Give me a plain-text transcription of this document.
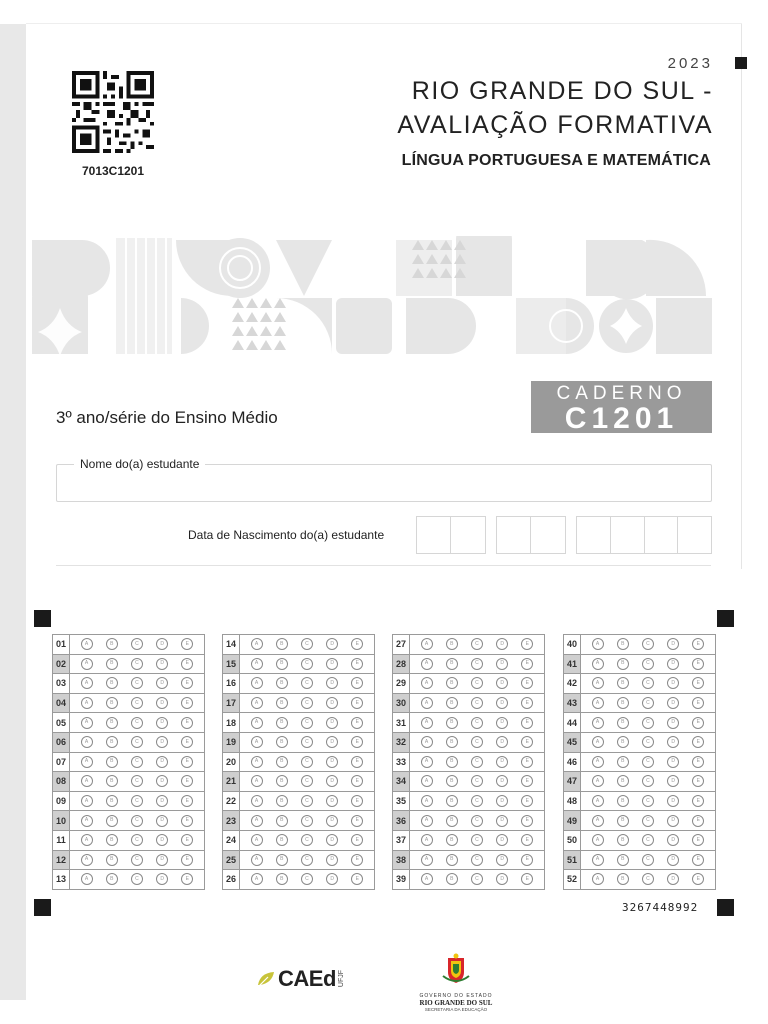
7013C1201
2023
RIO GRANDE DO SUL -
AVALIAÇÃO FORMATIVA
LÍNGUA PORTUGUESA E MATEMÁTICA
3º ano/série do Ensino Médio
CADERNO
C1201
Nome do(a) estudante
Data de Nascimento do(a) estudante
01	A	B	C	D	E
02	A	B	C	D	E
03	A	B	C	D	E
04	A	B	C	D	E
05	A	B	C	D	E
06	A	B	C	D	E
07	A	B	C	D	E
08	A	B	C	D	E
09	A	B	C	D	E
10	A	B	C	D	E
11	A	B	C	D	E
12	A	B	C	D	E
13	A	B	C	D	E
14	A	B	C	D	E
15	A	B	C	D	E
16	A	B	C	D	E
17	A	B	C	D	E
18	A	B	C	D	E
19	A	B	C	D	E
20	A	B	C	D	E
21	A	B	C	D	E
22	A	B	C	D	E
23	A	B	C	D	E
24	A	B	C	D	E
25	A	B	C	D	E
26	A	B	C	D	E
27	A	B	C	D	E
28	A	B	C	D	E
29	A	B	C	D	E
30	A	B	C	D	E
31	A	B	C	D	E
32	A	B	C	D	E
33	A	B	C	D	E
34	A	B	C	D	E
35	A	B	C	D	E
36	A	B	C	D	E
37	A	B	C	D	E
38	A	B	C	D	E
39	A	B	C	D	E
40	A	B	C	D	E
41	A	B	C	D	E
42	A	B	C	D	E
43	A	B	C	D	E
44	A	B	C	D	E
45	A	B	C	D	E
46	A	B	C	D	E
47	A	B	C	D	E
48	A	B	C	D	E
49	A	B	C	D	E
50	A	B	C	D	E
51	A	B	C	D	E
52	A	B	C	D	E
3267448992
CAEd UFJF
GOVERNO DO ESTADO
RIO GRANDE DO SUL
SECRETARIA DA EDUCAÇÃO
